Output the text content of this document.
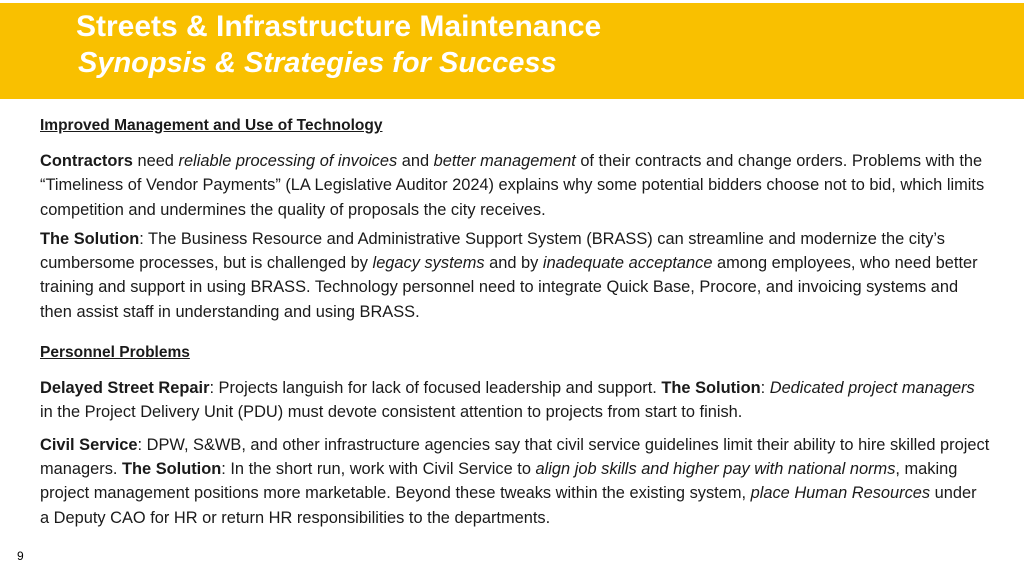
Streets & Infrastructure Maintenance
Synopsis & Strategies for Success
Improved Management and Use of Technology

Contractors need reliable processing of invoices and better management of their contracts and change orders. Problems with the “Timeliness of Vendor Payments” (LA Legislative Auditor 2024) explains why some potential bidders choose not to bid, which limits competition and undermines the quality of proposals the city receives.

The Solution: The Business Resource and Administrative Support System (BRASS) can streamline and modernize the city’s cumbersome processes, but is challenged by legacy systems and by inadequate acceptance among employees, who need better training and support in using BRASS. Technology personnel need to integrate Quick Base, Procore, and invoicing systems and then assist staff in understanding and using BRASS.

Personnel Problems

Delayed Street Repair: Projects languish for lack of focused leadership and support. The Solution: Dedicated project managers in the Project Delivery Unit (PDU) must devote consistent attention to projects from start to finish.

Civil Service: DPW, S&WB, and other infrastructure agencies say that civil service guidelines limit their ability to hire skilled project managers. The Solution: In the short run, work with Civil Service to align job skills and higher pay with national norms, making project management positions more marketable. Beyond these tweaks within the existing system, place Human Resources under a Deputy CAO for HR or return HR responsibilities to the departments.

9
